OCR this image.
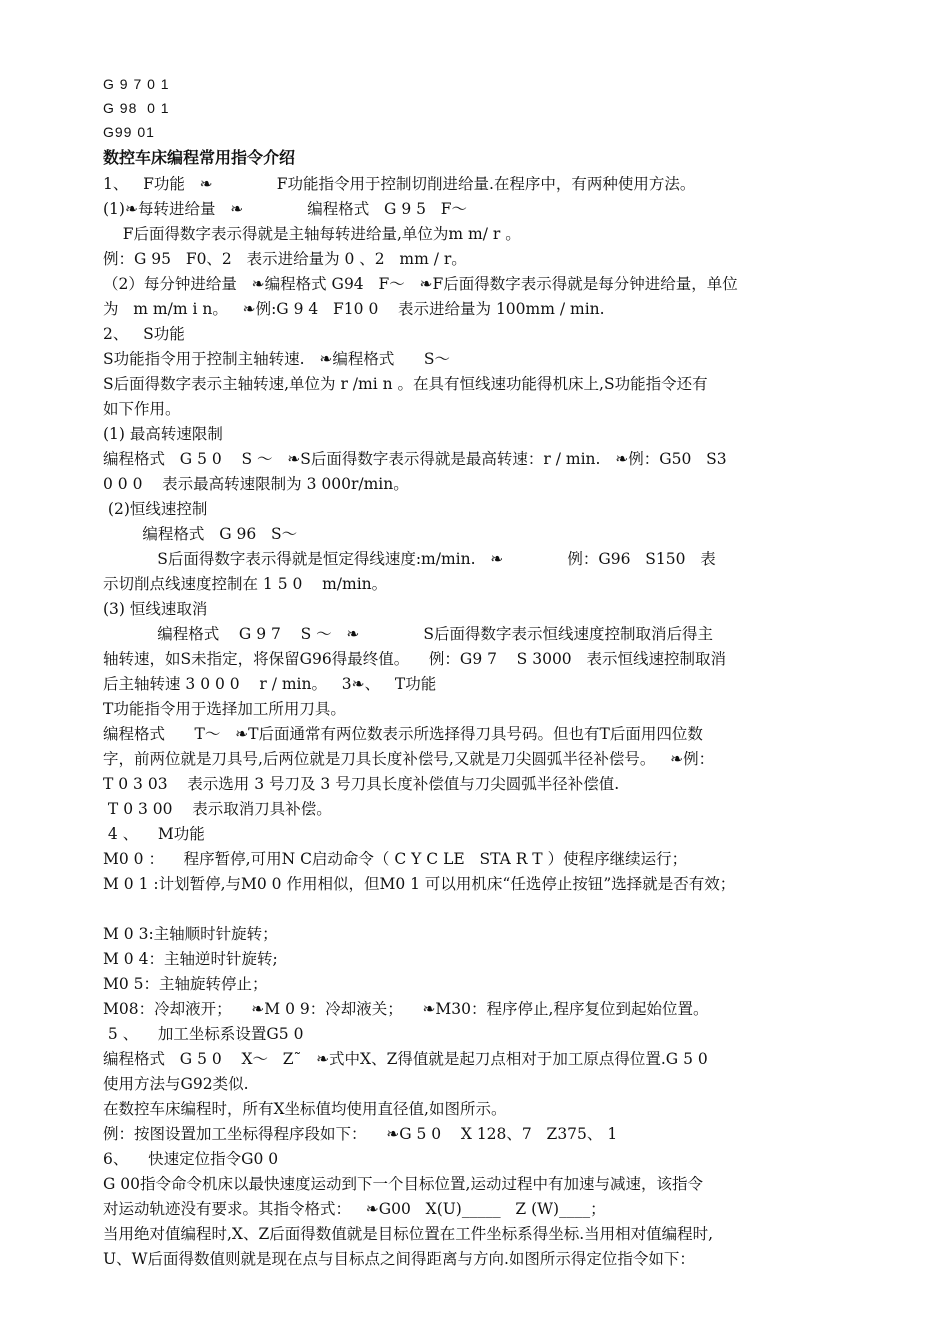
G 9 7 0 1
G 98  0 1
G99 01
数控车床编程常用指令介绍
1、   F功能   ❧             F功能指令用于控制切削进给量.在程序中，有两种使用方法。
(1)❧每转进给量   ❧             编程格式   G 9 5   F～
F后面得数字表示得就是主轴每转进给量,单位为m m/ r 。
例：G 95   F0、2   表示进给量为 0 、2   mm / r。
（2）每分钟进给量   ❧编程格式 G94   F～   ❧F后面得数字表示得就是每分钟进给量，单位
为   m m/m i n。   ❧例:G 9 4   F10 0    表示进给量为 100mm / min.
2、   S功能
S功能指令用于控制主轴转速.   ❧编程格式      S～
S后面得数字表示主轴转速,单位为 r /mi n 。在具有恒线速功能得机床上,S功能指令还有
如下作用。
(1) 最高转速限制
编程格式   G 5 0    S ～   ❧S后面得数字表示得就是最高转速：r / min.   ❧例：G50   S3
0 0 0    表示最高转速限制为 3 000r/min。
(2)恒线速控制
编程格式   G 96   S～
S后面得数字表示得就是恒定得线速度:m/min.   ❧             例：G96   S150   表
示切削点线速度控制在 1 5 0    m/min。
(3) 恒线速取消
编程格式    G 9 7    S ～   ❧             S后面得数字表示恒线速度控制取消后得主
轴转速，如S未指定，将保留G96得最终值。    例：G9 7    S 3000   表示恒线速控制取消
后主轴转速 3 0 0 0    r / min。   3❧、   T功能
T功能指令用于选择加工所用刀具。
编程格式      T～   ❧T后面通常有两位数表示所选择得刀具号码。但也有T后面用四位数
字，前两位就是刀具号,后两位就是刀具长度补偿号,又就是刀尖圆弧半径补偿号。   ❧例：
T 0 3 03    表示选用 3 号刀及 3 号刀具长度补偿值与刀尖圆弧半径补偿值.
T 0 3 00    表示取消刀具补偿。
4 、    M功能
M0 0 ：    程序暂停,可用N C启动命令（ C Y C LE   STA R T ）使程序继续运行；
M 0 1 :计划暂停,与M0 0 作用相似，但M0 1 可以用机床“任选停止按钮”选择就是否有效；
M 0 3:主轴顺时针旋转；
M 0 4：主轴逆时针旋转;
M0 5：主轴旋转停止；
M08：冷却液开；    ❧M 0 9：冷却液关；    ❧M30：程序停止,程序复位到起始位置。
5 、    加工坐标系设置G5 0
编程格式   G 5 0    X～   Z˜   ❧式中X、Z得值就是起刀点相对于加工原点得位置.G 5 0
使用方法与G92类似.
在数控车床编程时，所有X坐标值均使用直径值,如图所示。
例：按图设置加工坐标得程序段如下：    ❧G 5 0    X 128、7   Z375、 1
6、    快速定位指令G0 0
G 00指令命令机床以最快速度运动到下一个目标位置,运动过程中有加速与减速，该指令
对运动轨迹没有要求。其指令格式：   ❧G00   X(U)_____   Z (W)____；
当用绝对值编程时,X、Z后面得数值就是目标位置在工件坐标系得坐标.当用相对值编程时,
U、W后面得数值则就是现在点与目标点之间得距离与方向.如图所示得定位指令如下：
